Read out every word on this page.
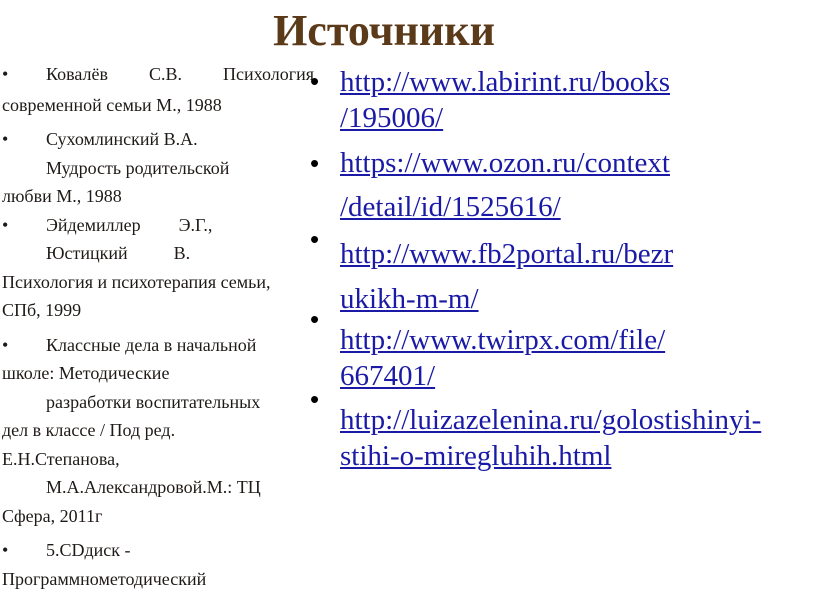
Источники
• Ковалёв С.В. Психология
современной семьи М., 1988
•	Сухомлинский В.А.
Мудрость родительской
любви М., 1988
•	Эйдемиллер Э.Г.,
Юстицкий	В.
Психология и психотерапия семьи,
СПб, 1999
•	Классные дела в начальной
школе: Методические
разработки воспитательных
дел в классе / Под ред.
Е.Н.Степанова,
М.А.Александровой.М.: ТЦ
Сфера, 2011г
•	5.CDдиск -
Программнометодический
• http://www.labirint.ru/books
/195006/
• https://www.ozon.ru/context
/detail/id/1525616/
• http://www.fb2portal.ru/bezr
ukikh-m-m/
•
http://www.twirpx.com/file/
667401/
•
http://luizazelenina.ru/golostishinyi-
stihi-o-miregluhih.html
